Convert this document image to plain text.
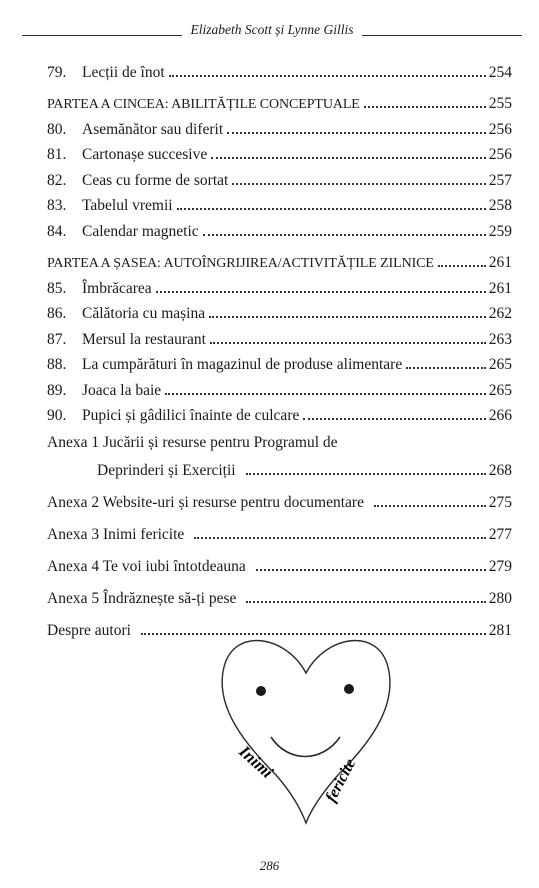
Elizabeth Scott și Lynne Gillis
79.	Lecții de înot	254
PARTEA A CINCEA: ABILITĂȚILE CONCEPTUALE	255
80.	Asemănător sau diferit	256
81.	Cartonașe succesive	256
82.	Ceas cu forme de sortat	257
83.	Tabelul vremii	258
84.	Calendar magnetic	259
PARTEA A ȘASEA: AUTOÎNGRIJIREA/ACTIVITĂȚILE ZILNICE	261
85.	Îmbrăcarea	261
86.	Călătoria cu mașina	262
87.	Mersul la restaurant	263
88.	La cumpărături în magazinul de produse alimentare	265
89.	Joaca la baie	265
90.	Pupici și gâdilici înainte de culcare	266
Anexa 1 Jucării și resurse pentru Programul de
Deprinderi și Exerciții	268
Anexa 2 Website-uri și resurse pentru documentare	275
Anexa 3 Inimi fericite	277
Anexa 4 Te voi iubi întotdeauna	279
Anexa 5 Îndrăznește să-ți pese	280
Despre autori	281
Inimi	fericite
286
